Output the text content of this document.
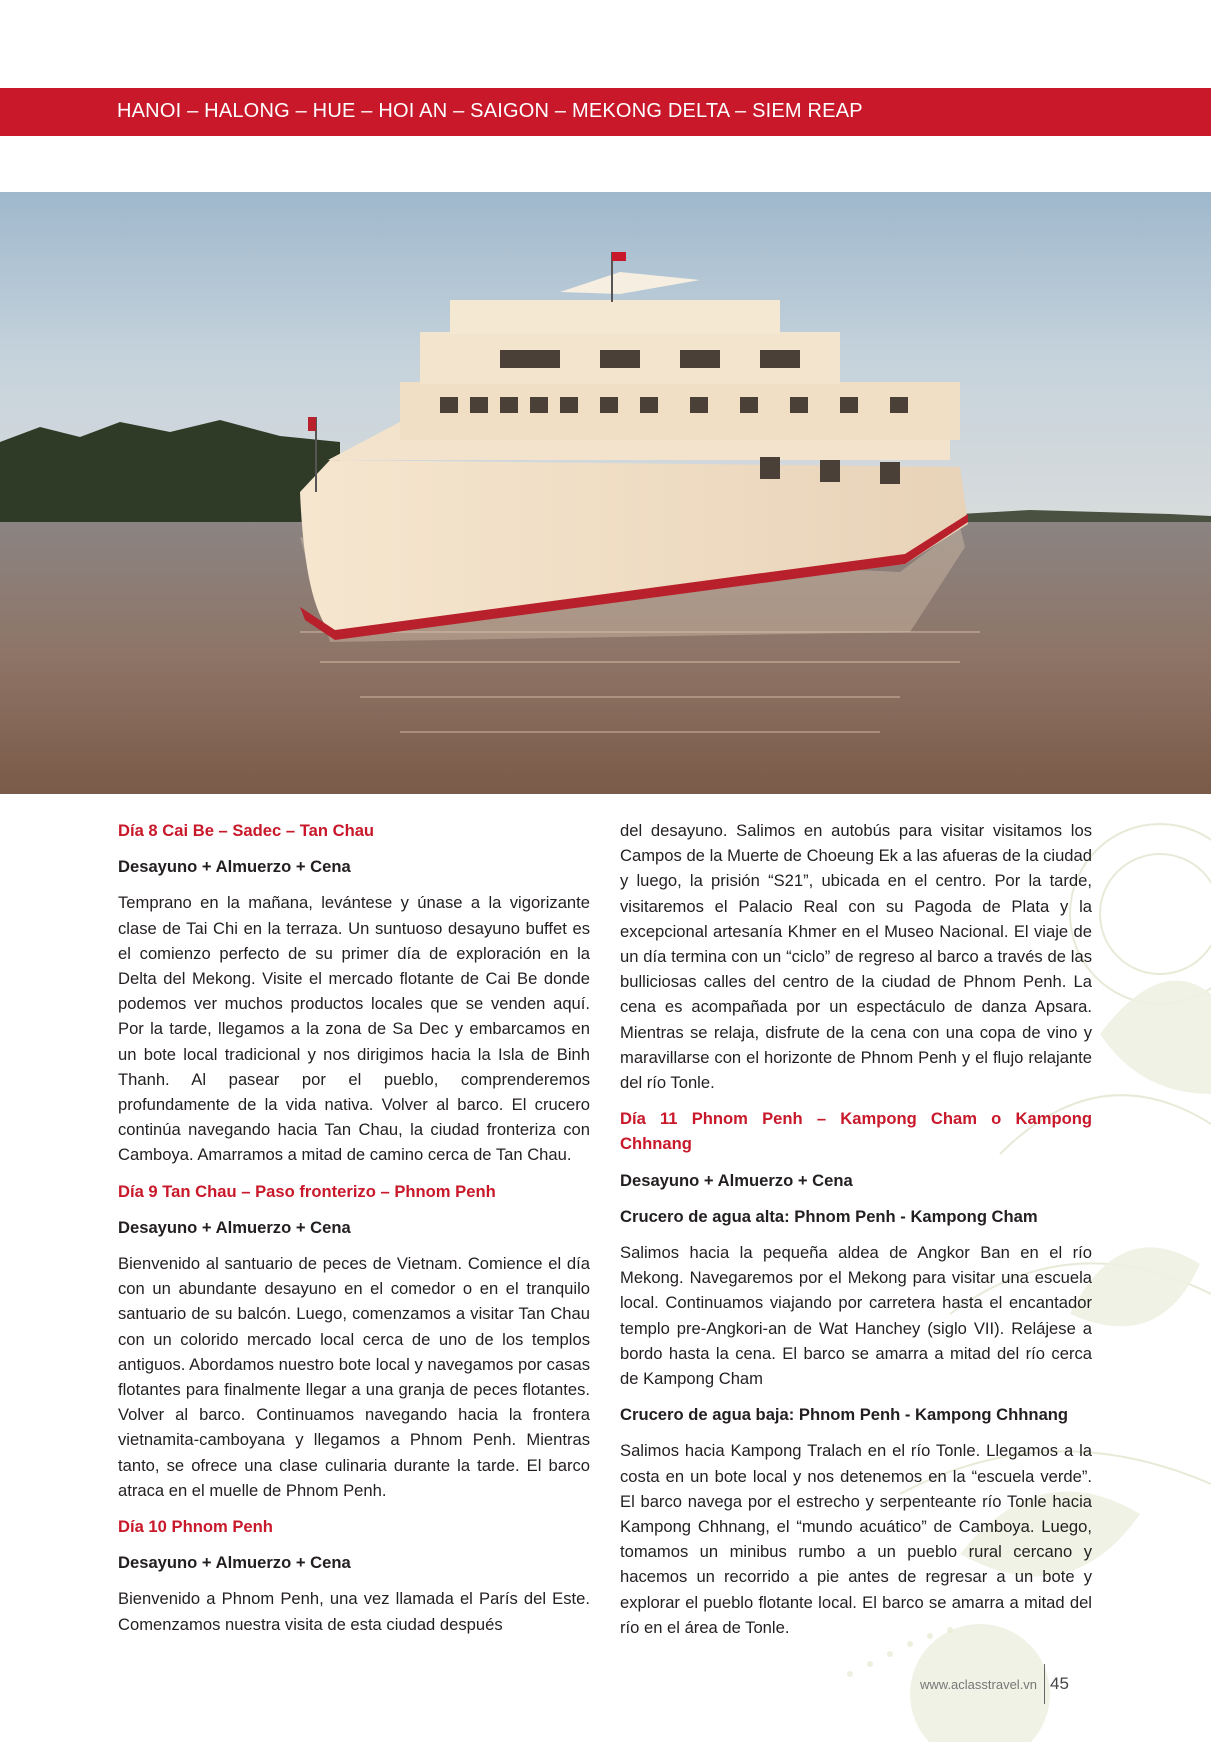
HANOI – HALONG – HUE – HOI AN – SAIGON – MEKONG DELTA – SIEM REAP

Día 8 Cai Be – Sadec – Tan Chau

Desayuno + Almuerzo + Cena

Temprano en la mañana, levántese y únase a la vigorizante clase de Tai Chi en la terraza. Un suntuoso desayuno buffet es el comienzo perfecto de su primer día de exploración en la Delta del Mekong. Visite el mercado flotante de Cai Be donde podemos ver muchos productos locales que se venden aquí. Por la tarde, llegamos a la zona de Sa Dec y embarcamos en un bote local tradicional y nos dirigimos hacia la Isla de Binh Thanh. Al pasear por el pueblo, comprenderemos profundamente de la vida nativa. Volver al barco. El crucero continúa navegando hacia Tan Chau, la ciudad fronteriza con Camboya. Amarramos a mitad de camino cerca de Tan Chau.

Día 9 Tan Chau – Paso fronterizo – Phnom Penh

Desayuno + Almuerzo + Cena

Bienvenido al santuario de peces de Vietnam. Comience el día con un abundante desayuno en el comedor o en el tranquilo santuario de su balcón. Luego, comenzamos a visitar Tan Chau con un colorido mercado local cerca de uno de los templos antiguos. Abordamos nuestro bote local y navegamos por casas flotantes para finalmente llegar a una granja de peces flotantes. Volver al barco. Continuamos navegando hacia la frontera vietnamita-camboyana y llegamos a Phnom Penh. Mientras tanto, se ofrece una clase culinaria durante la tarde. El barco atraca en el muelle de Phnom Penh.

Día 10 Phnom Penh

Desayuno + Almuerzo + Cena

Bienvenido a Phnom Penh, una vez llamada el París del Este. Comenzamos nuestra visita de esta ciudad después

del desayuno. Salimos en autobús para visitar visitamos los Campos de la Muerte de Choeung Ek a las afueras de la ciudad y luego, la prisión “S21”, ubicada en el centro. Por la tarde, visitaremos el Palacio Real con su Pagoda de Plata y la excepcional artesanía Khmer en el Museo Nacional. El viaje de un día termina con un “ciclo” de regreso al barco a través de las bulliciosas calles del centro de la ciudad de Phnom Penh. La cena es acompañada por un espectáculo de danza Apsara. Mientras se relaja, disfrute de la cena con una copa de vino y maravillarse con el horizonte de Phnom Penh y el flujo relajante del río Tonle.

Día 11 Phnom Penh – Kampong Cham o Kampong Chhnang

Desayuno + Almuerzo + Cena

Crucero de agua alta: Phnom Penh - Kampong Cham

Salimos hacia la pequeña aldea de Angkor Ban en el río Mekong. Navegaremos por el Mekong para visitar una escuela local. Continuamos viajando por carretera hasta el encantador templo pre-Angkori-an de Wat Hanchey (siglo VII). Relájese a bordo hasta la cena. El barco se amarra a mitad del río cerca de Kampong Cham

Crucero de agua baja: Phnom Penh - Kampong Chhnang

Salimos hacia Kampong Tralach en el río Tonle. Llegamos a la costa en un bote local y nos detenemos en la “escuela verde”. El barco navega por el estrecho y serpenteante río Tonle hacia Kampong Chhnang, el “mundo acuático” de Camboya. Luego, tomamos un minibus rumbo a un pueblo rural cercano y hacemos un recorrido a pie antes de regresar a un bote y explorar el pueblo flotante local. El barco se amarra a mitad del río en el área de Tonle.

www.aclasstravel.vn 45
